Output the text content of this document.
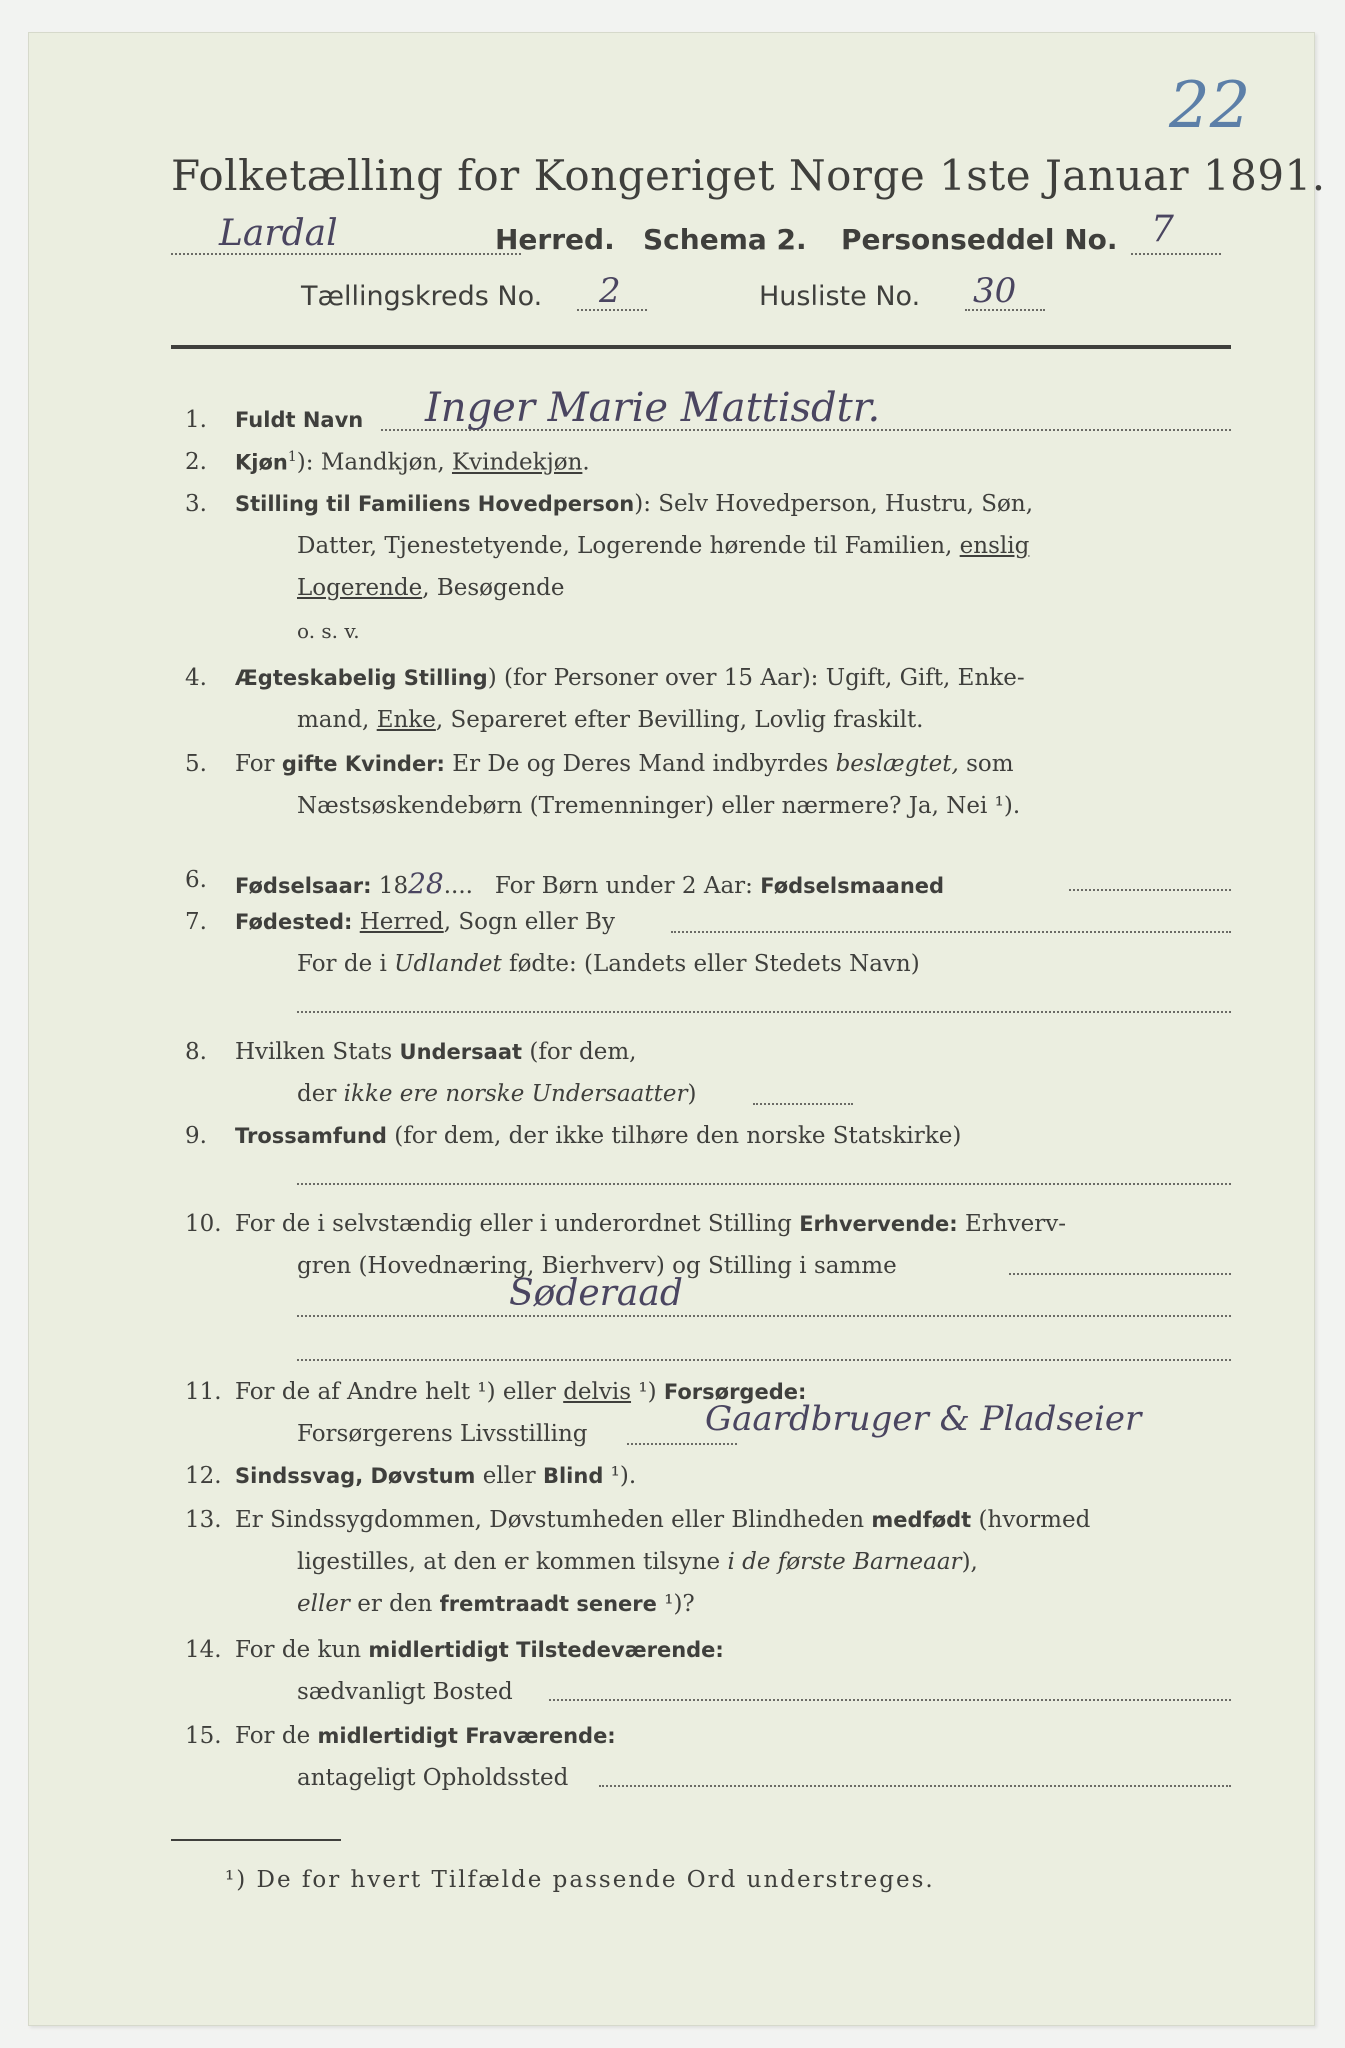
Folketælling for Kongeriget Norge 1ste Januar 1891.
22
Lardal	Herred. Schema 2. Personseddel No. 7
Tællingskreds No. 2	Husliste No. 30
1. Fuldt Navn Inger Marie Mattisdtr.
2. Kjøn$^1$): Mandkjøn, Kvindekjøn.
3. Stilling til Familiens Hovedperson): Selv Hovedperson, Hustru, Søn,
Datter, Tjenestetyende, Logerende hørende til Familien, enslig
Logerende, Besøgende
o. s. v.
4. Ægteskabelig Stilling) (for Personer over 15 Aar): Ugift, Gift, Enke-
mand, Enke, Separeret efter Bevilling, Lovlig fraskilt.
5. For gifte Kvinder: Er De og Deres Mand indbyrdes beslægtet, som
Næstsøskendebørn (Tremenninger) eller nærmere? Ja, Nei ¹).
6. Fødselsaar: 1828....   For Børn under 2 Aar: Fødselsmaaned
7. Fødested: Herred, Sogn eller By
For de i Udlandet fødte: (Landets eller Stedets Navn)
8. Hvilken Stats Undersaat (for dem,
der ikke ere norske Undersaatter)
9. Trossamfund (for dem, der ikke tilhøre den norske Statskirke)
10. For de i selvstændig eller i underordnet Stilling Erhvervende: Erhverv-
gren (Hovednæring, Bierhverv) og Stilling i samme
Søderaad
11. For de af Andre helt ¹) eller delvis ¹) Forsørgede:
Forsørgerens Livsstilling	Gaardbruger & Pladseier
12. Sindssvag, Døvstum eller Blind ¹).
13. Er Sindssygdommen, Døvstumheden eller Blindheden medfødt (hvormed
ligestilles, at den er kommen tilsyne i de første Barneaar),
eller er den fremtraadt senere ¹)?
14. For de kun midlertidigt Tilstedeværende:
sædvanligt Bosted
15. For de midlertidigt Fraværende:
antageligt Opholdssted
¹) De for hvert Tilfælde passende Ord understreges.
